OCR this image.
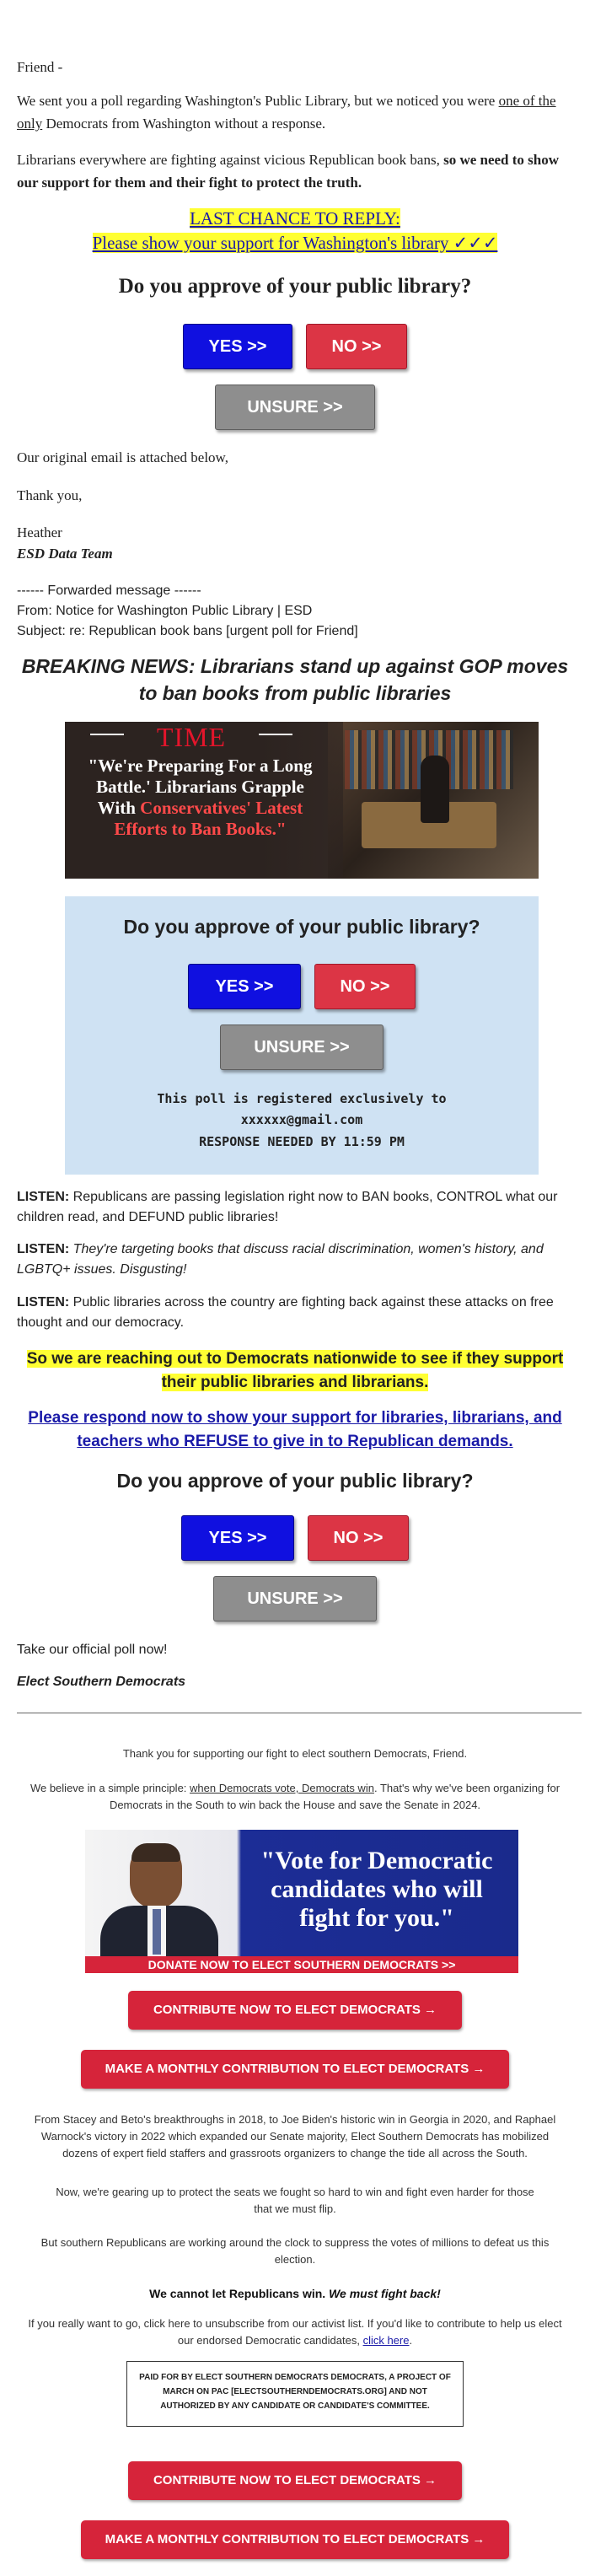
Friend -
We sent you a poll regarding Washington's Public Library, but we noticed you were one of the only Democrats from Washington without a response.
Librarians everywhere are fighting against vicious Republican book bans, so we need to show our support for them and their fight to protect the truth.
LAST CHANCE TO REPLY:
Please show your support for Washington's library ✓✓✓
Do you approve of your public library?
YES >>	NO >>
UNSURE >>
Our original email is attached below,
Thank you,
Heather
ESD Data Team
------ Forwarded message ------
From: Notice for Washington Public Library | ESD
Subject: re: Republican book bans [urgent poll for Friend]
BREAKING NEWS: Librarians stand up against GOP moves to ban books from public libraries
TIME
"We're Preparing For a Long Battle.' Librarians Grapple With Conservatives' Latest Efforts to Ban Books."
Do you approve of your public library?
YES >>	NO >>
UNSURE >>
This poll is registered exclusively to xxxxxx@gmail.com
RESPONSE NEEDED BY 11:59 PM
LISTEN: Republicans are passing legislation right now to BAN books, CONTROL what our children read, and DEFUND public libraries!
LISTEN: They're targeting books that discuss racial discrimination, women's history, and LGBTQ+ issues. Disgusting!
LISTEN: Public libraries across the country are fighting back against these attacks on free thought and our democracy.
So we are reaching out to Democrats nationwide to see if they support their public libraries and librarians.
Please respond now to show your support for libraries, librarians, and teachers who REFUSE to give in to Republican demands.
Do you approve of your public library?
YES >>	NO >>
UNSURE >>
Take our official poll now!
Elect Southern Democrats
Thank you for supporting our fight to elect southern Democrats, Friend.
We believe in a simple principle: when Democrats vote, Democrats win. That's why we've been organizing for Democrats in the South to win back the House and save the Senate in 2024.
"Vote for Democratic candidates who will fight for you."
DONATE NOW TO ELECT SOUTHERN DEMOCRATS >>
CONTRIBUTE NOW TO ELECT DEMOCRATS →
MAKE A MONTHLY CONTRIBUTION TO ELECT DEMOCRATS →
From Stacey and Beto's breakthroughs in 2018, to Joe Biden's historic win in Georgia in 2020, and Raphael Warnock's victory in 2022 which expanded our Senate majority, Elect Southern Democrats has mobilized dozens of expert field staffers and grassroots organizers to change the tide all across the South.
Now, we're gearing up to protect the seats we fought so hard to win and fight even harder for those that we must flip.
But southern Republicans are working around the clock to suppress the votes of millions to defeat us this election.
We cannot let Republicans win. We must fight back!
If you really want to go, click here to unsubscribe from our activist list. If you'd like to contribute to help us elect our endorsed Democratic candidates, click here.
PAID FOR BY ELECT SOUTHERN DEMOCRATS DEMOCRATS, A PROJECT OF MARCH ON PAC [ELECTSOUTHERNDEMOCRATS.ORG] AND NOT AUTHORIZED BY ANY CANDIDATE OR CANDIDATE'S COMMITTEE.
CONTRIBUTE NOW TO ELECT DEMOCRATS →
MAKE A MONTHLY CONTRIBUTION TO ELECT DEMOCRATS →
